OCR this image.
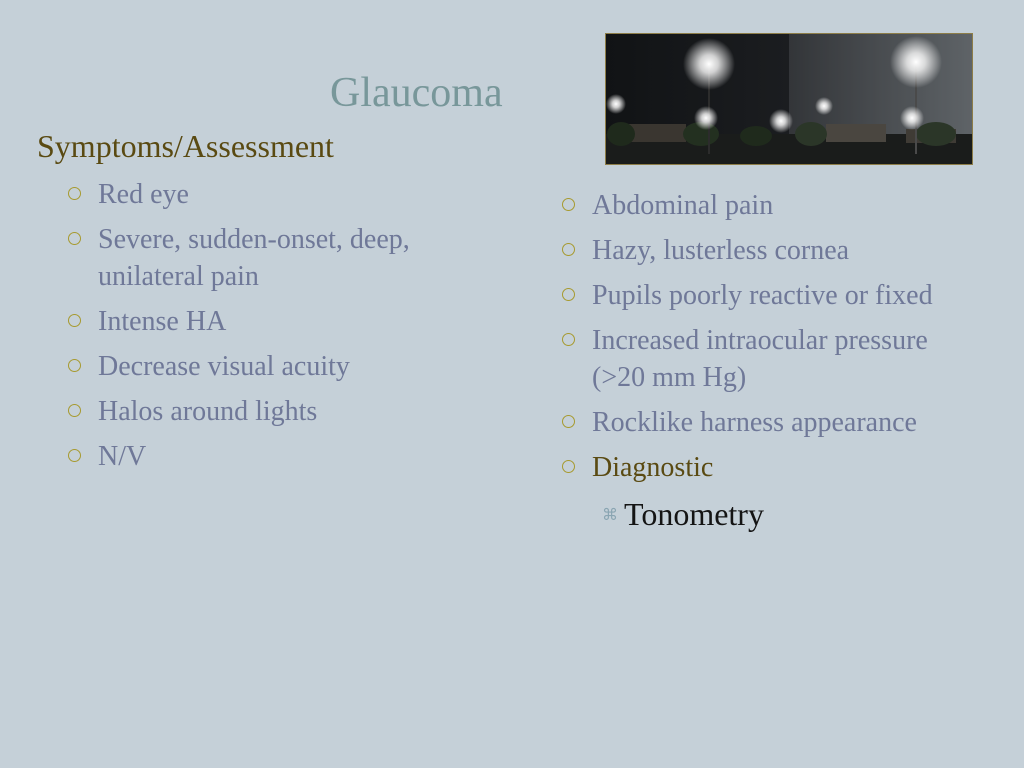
Glaucoma
Symptoms/Assessment
Red eye
Severe, sudden-onset, deep, unilateral pain
Intense HA
Decrease visual acuity
Halos around lights
N/V
Abdominal pain
Hazy, lusterless cornea
Pupils poorly reactive or fixed
Increased intraocular pressure (>20 mm Hg)
Rocklike harness appearance
Diagnostic
⌘ Tonometry
